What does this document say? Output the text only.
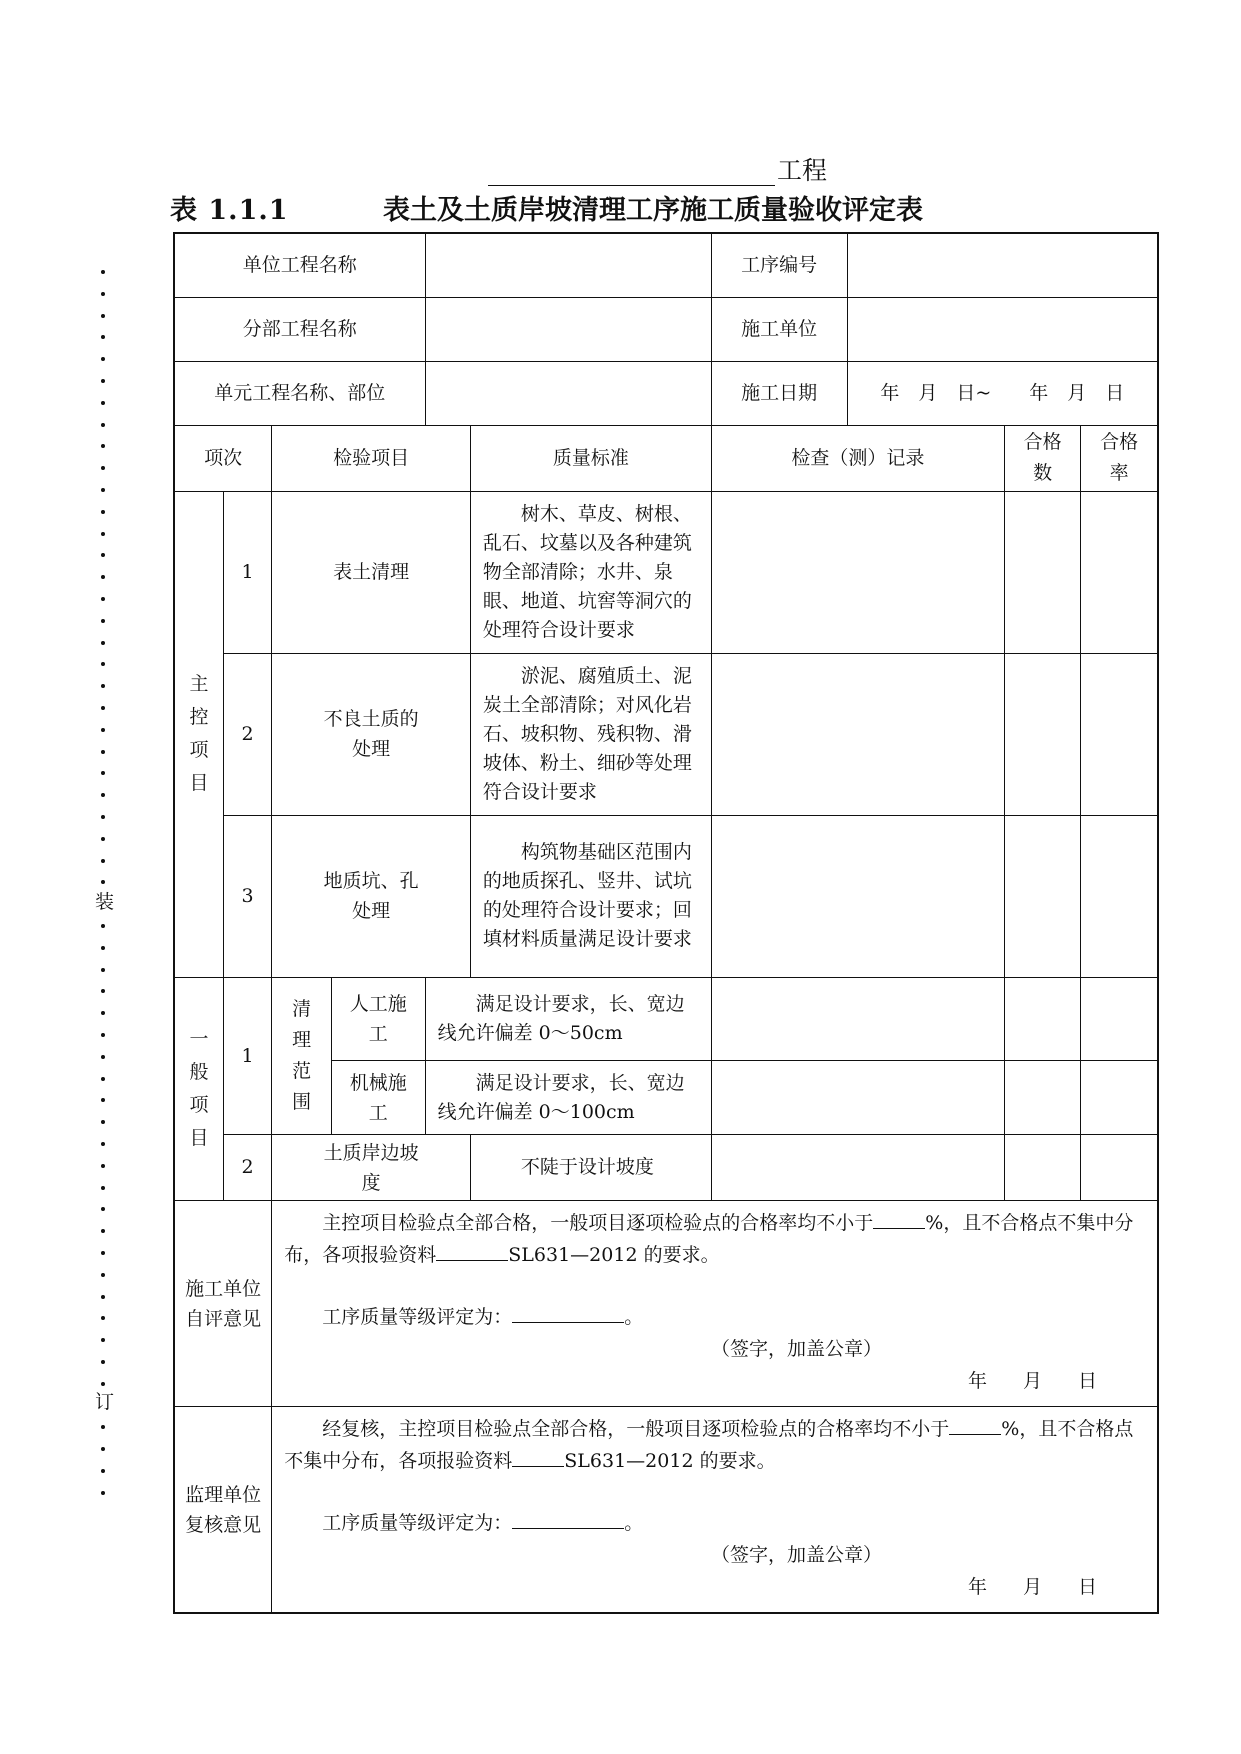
工程
表 1.1.1	表土及土质岸坡清理工序施工质量验收评定表
装
订
单位工程名称						工序编号			
分部工程名称						施工单位			
单元工程名称、部位						施工日期	年　月　日~　　年　月　日		
项次		检验项目			质量标准	检查（测）记录		合格数	合格率
主控项目	1	表土清理			树木、草皮、树根、乱石、坟墓以及各种建筑物全部清除；水井、泉眼、地道、坑窖等洞穴的处理符合设计要求				

	2	不良土质的处理			淤泥、腐殖质土、泥炭土全部清除；对风化岩石、坡积物、残积物、滑坡体、粉土、细砂等处理符合设计要求				

	3	地质坑、孔处理			构筑物基础区范围内的地质探孔、竖井、试坑的处理符合设计要求；回填材料质量满足设计要求				

一般项目	1	清理范围	人工施工	满足设计要求，长、宽边线允许偏差 0～50cm					

			机械施工	满足设计要求，长、宽边线允许偏差 0～100cm					

	2	土质岸边坡度			不陡于设计坡度				

施工单位自评意见		主控项目检验点全部合格，一般项目逐项检验点的合格率均不小于 %，且不合格点不集中分布，各项报验资料 SL631—2012 的要求。

工序质量等级评定为： 。

（签字，加盖公章）

年 月 日							

监理单位复核意见		经复核，主控项目检验点全部合格，一般项目逐项检验点的合格率均不小于 %，且不合格点不集中分布，各项报验资料 SL631—2012 的要求。

工序质量等级评定为： 。

（签字，加盖公章）

年 月 日							
